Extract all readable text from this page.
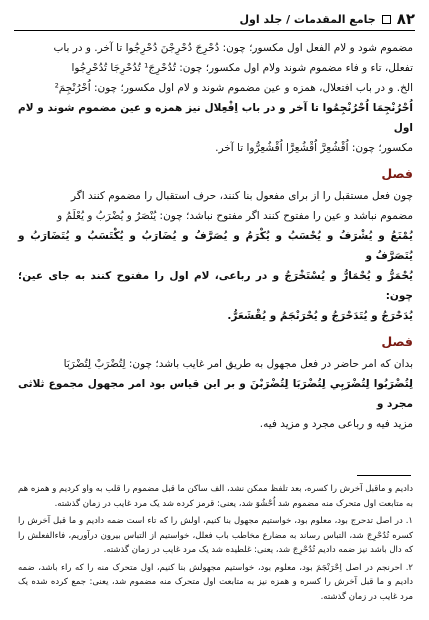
۸۲
جامع المقدمات / جلد اول

مضموم شود و لام الفعل اول مکسور؛ چون: دُحْرِجَ دُحْرِجْنَ دُحْرِجُوا تا آخر. و در باب
تفعلل، تاء و فاء مضموم شوند ولام اول مکسور؛ چون: تُدُحْرِجَ¹ تُدُحْرِجَا تُدُحْرِجُوا
الخ. و در باب افتعلال، همزه و عین مضموم شوند و لام اول مکسور؛ چون: اُحْرُنْجِمَ²
اُحْرُنْجِمَا اُحْرُنْجِمُوا تا آخر و در باب اِفْعِلال نیز همزه و عین مضموم شوند و لام اول
مکسور؛ چون: اُقْشُعِرَّ اُقْشُعِرَّا اُقْشُعِرُّوا تا آخر.

فصل

چون فعل مستقبل را از برای مفعول بنا کنند، حرف استقبال را مضموم کنند اگر
مضموم نباشد و عین را مفتوح کنند اگر مفتوح نباشد؛ چون: يُنْصَرُ و يُضْرَبُ و يُعْلَمُ و
يُمْنَعُ و يُشْرَفُ و يُحْسَبُ و يُكْرَمُ و يُصَرَّفُ و يُضَارَبُ و يُكْتَسَبُ و يُتَضَارَبُ و يُتَصَرَّفُ و
يُحْمَرُّ و يُحْمَارُّ و يُسْتَخْرَجُ و در رباعی، لام اول را مفتوح کنند به جای عین؛ چون:
يُدَحْرَجُ و يُتَدَحْرَجُ و يُحْرَنْجَمُ و يُقْشَعَرُّ.

فصل

بدان که امر حاضر در فعل مجهول به طریق امر غایب باشد؛ چون: لِتُضْرَبْ لِتُضْرَبَا
لِتُضْرَبُوا لِتُضْرَبِي لِتُضْرَبَا لِتُضْرَبْنَ و بر این قیاس بود امر مجهول مجموع ثلاثی مجرد و
مزید فیه و رباعی مجرد و مزید فیه.

دادیم و ماقبل آخرش را کسره، بعد تلفظ ممکن نشد، الف ساکن ما قبل مضموم را قلب به واو کردیم و همزه هم به متابعت اول متحرک منه مضموم شد اُحْشُوَ شد، یعنی: قرمز کرده شد یک مرد غایب در زمان گذشته.

۱. در اصل تدحرج بود، معلوم بود، خواستیم مجهول بنا کنیم، اولش را که تاء است ضمه دادیم و ما قبل آخرش را کسره تُدُحْرِجَ شد، التباس رساند به مضارع مخاطب باب فعلل، خواستیم از التباس بیرون درآوریم، فاءالفعلش را که دال باشد نیز ضمه دادیم تُدُحْرِجَ شد، یعنی: غلطیده شد یک مرد غایب در زمان گذشته.

۲. احرنجم در اصل اِحْرَنْجَمَ بود، معلوم بود، خواستیم مجهولش بنا کنیم، اول متحرک منه را که راء باشد، ضمه دادیم و ما قبل آخرش را کسره و همزه نیز به متابعت اول متحرک منه مضموم شد، یعنی: جمع کرده شده یک مرد غایب در زمان گذشته.
